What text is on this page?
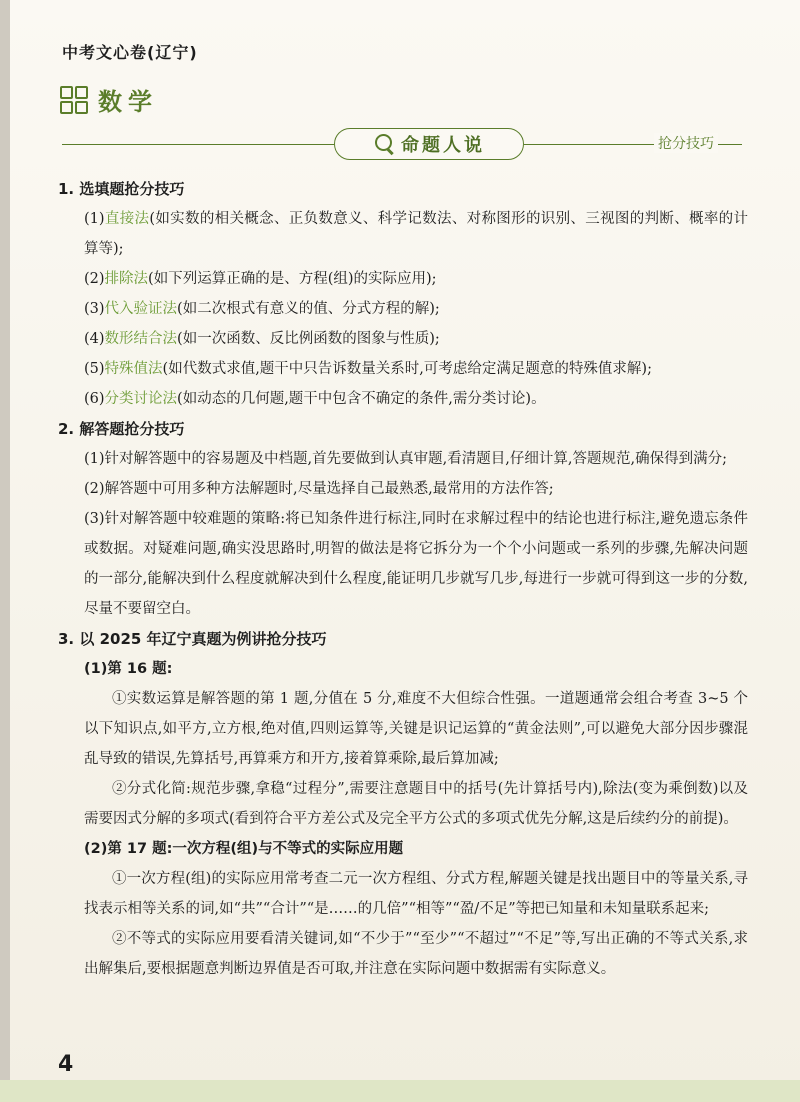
中考文心卷(辽宁)
数学
命题人说	抢分技巧

1. 选填题抢分技巧

(1)直接法(如实数的相关概念、正负数意义、科学记数法、对称图形的识别、三视图的判断、概率的计算等);

(2)排除法(如下列运算正确的是、方程(组)的实际应用);

(3)代入验证法(如二次根式有意义的值、分式方程的解);

(4)数形结合法(如一次函数、反比例函数的图象与性质);

(5)特殊值法(如代数式求值,题干中只告诉数量关系时,可考虑给定满足题意的特殊值求解);

(6)分类讨论法(如动态的几何题,题干中包含不确定的条件,需分类讨论)。

2. 解答题抢分技巧

(1)针对解答题中的容易题及中档题,首先要做到认真审题,看清题目,仔细计算,答题规范,确保得到满分;

(2)解答题中可用多种方法解题时,尽量选择自己最熟悉,最常用的方法作答;

(3)针对解答题中较难题的策略:将已知条件进行标注,同时在求解过程中的结论也进行标注,避免遗忘条件或数据。对疑难问题,确实没思路时,明智的做法是将它拆分为一个个小问题或一系列的步骤,先解决问题的一部分,能解决到什么程度就解决到什么程度,能证明几步就写几步,每进行一步就可得到这一步的分数,尽量不要留空白。

3. 以 2025 年辽宁真题为例讲抢分技巧

(1)第 16 题:

①实数运算是解答题的第 1 题,分值在 5 分,难度不大但综合性强。一道题通常会组合考查 3~5 个以下知识点,如平方,立方根,绝对值,四则运算等,关键是识记运算的“黄金法则”,可以避免大部分因步骤混乱导致的错误,先算括号,再算乘方和开方,接着算乘除,最后算加减;

②分式化简:规范步骤,拿稳“过程分”,需要注意题目中的括号(先计算括号内),除法(变为乘倒数)以及需要因式分解的多项式(看到符合平方差公式及完全平方公式的多项式优先分解,这是后续约分的前提)。

(2)第 17 题:一次方程(组)与不等式的实际应用题

①一次方程(组)的实际应用常考查二元一次方程组、分式方程,解题关键是找出题目中的等量关系,寻找表示相等关系的词,如“共”“合计”“是……的几倍”“相等”“盈/不足”等把已知量和未知量联系起来;

②不等式的实际应用要看清关键词,如“不少于”“至少”“不超过”“不足”等,写出正确的不等式关系,求出解集后,要根据题意判断边界值是否可取,并注意在实际问题中数据需有实际意义。

4
